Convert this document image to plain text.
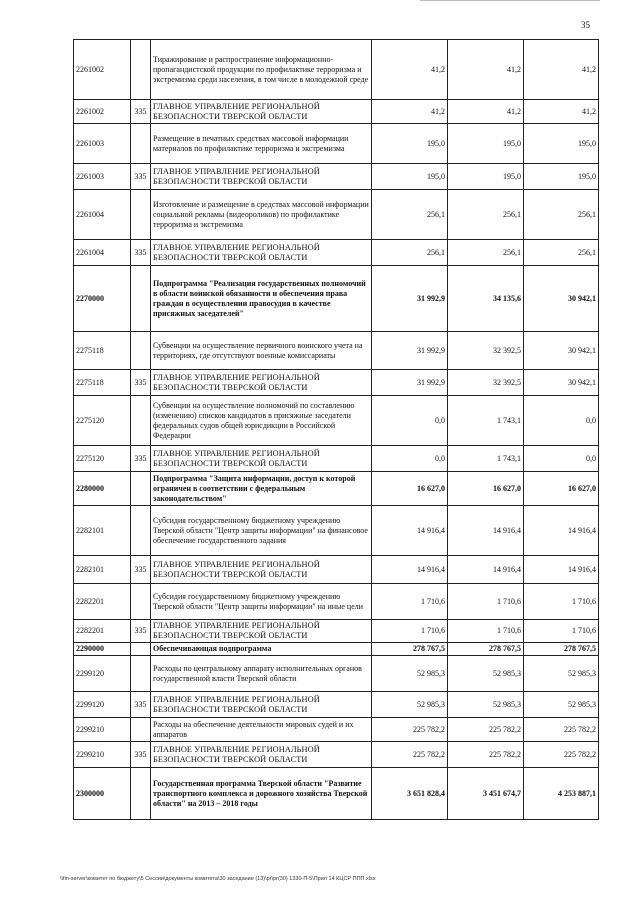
35
2261002		Тиражирование и распространение информационно-пропагандистской продукции по профилактике терроризма и экстремизма среди населения, в том числе в молодежной среде	41,2	41,2	41,2
2261002	335	ГЛАВНОЕ УПРАВЛЕНИЕ РЕГИОНАЛЬНОЙ БЕЗОПАСНОСТИ ТВЕРСКОЙ ОБЛАСТИ	41,2	41,2	41,2
2261003		Размещение в печатных средствах массовой информации материалов по профилактике терроризма и экстремизма	195,0	195,0	195,0
2261003	335	ГЛАВНОЕ УПРАВЛЕНИЕ РЕГИОНАЛЬНОЙ БЕЗОПАСНОСТИ ТВЕРСКОЙ ОБЛАСТИ	195,0	195,0	195,0
2261004		Изготовление и размещение в средствах массовой информации социальной рекламы (видеороликов) по профилактике терроризма и экстремизма	256,1	256,1	256,1
2261004	335	ГЛАВНОЕ УПРАВЛЕНИЕ РЕГИОНАЛЬНОЙ БЕЗОПАСНОСТИ ТВЕРСКОЙ ОБЛАСТИ	256,1	256,1	256,1
2270000		Подпрограмма "Реализация государственных полномочий в области воинской обязанности и обеспечения права граждан в осуществлении правосудия в качестве присяжных заседателей"	31 992,9	34 135,6	30 942,1
2275118		Субвенции на осуществление первичного воинского учета на территориях, где отсутствуют военные комиссариаты	31 992,9	32 392,5	30 942,1
2275118	335	ГЛАВНОЕ УПРАВЛЕНИЕ РЕГИОНАЛЬНОЙ БЕЗОПАСНОСТИ ТВЕРСКОЙ ОБЛАСТИ	31 992,9	32 392,5	30 942,1
2275120		Субвенции на осуществление полномочий по составлению (изменению) списков кандидатов в присяжные заседатели федеральных судов общей юрисдикции в Российской Федерации	0,0	1 743,1	0,0
2275120	335	ГЛАВНОЕ УПРАВЛЕНИЕ РЕГИОНАЛЬНОЙ БЕЗОПАСНОСТИ ТВЕРСКОЙ ОБЛАСТИ	0,0	1 743,1	0,0
2280000		Подпрограмма "Защита информации, доступ к которой ограничен в соответствии с федеральным законодательством"	16 627,0	16 627,0	16 627,0
2282101		Субсидия государственному бюджетному учреждению Тверской области "Центр защиты информации" на финансовое обеспечение государственного задания	14 916,4	14 916,4	14 916,4
2282101	335	ГЛАВНОЕ УПРАВЛЕНИЕ РЕГИОНАЛЬНОЙ БЕЗОПАСНОСТИ ТВЕРСКОЙ ОБЛАСТИ	14 916,4	14 916,4	14 916,4
2282201		Субсидия государственному бюджетному учреждению Тверской области "Центр защиты информации" на иные цели	1 710,6	1 710,6	1 710,6
2282201	335	ГЛАВНОЕ УПРАВЛЕНИЕ РЕГИОНАЛЬНОЙ БЕЗОПАСНОСТИ ТВЕРСКОЙ ОБЛАСТИ	1 710,6	1 710,6	1 710,6
2290000		Обеспечивающая подпрограмма	278 767,5	278 767,5	278 767,5
2299120		Расходы по центральному аппарату исполнительных органов государственной власти Тверской области	52 985,3	52 985,3	52 985,3
2299120	335	ГЛАВНОЕ УПРАВЛЕНИЕ РЕГИОНАЛЬНОЙ БЕЗОПАСНОСТИ ТВЕРСКОЙ ОБЛАСТИ	52 985,3	52 985,3	52 985,3
2299210		Расходы на обеспечение деятельности мировых судей и их аппаратов	225 782,2	225 782,2	225 782,2
2299210	335	ГЛАВНОЕ УПРАВЛЕНИЕ РЕГИОНАЛЬНОЙ БЕЗОПАСНОСТИ ТВЕРСКОЙ ОБЛАСТИ	225 782,2	225 782,2	225 782,2
2300000		Государственная программа Тверской области "Развитие транспортного комплекса и дорожного хозяйства Тверской области" на 2013 – 2018 годы	3 651 828,4	3 451 674,7	4 253 887,1
\\fin-server\комитет по бюджету\5 Сессии\документы комитета\30 заседание (13)\pr\pr(30) 1330-П-5\Прил 14 КЦСР ППП.xlsx
